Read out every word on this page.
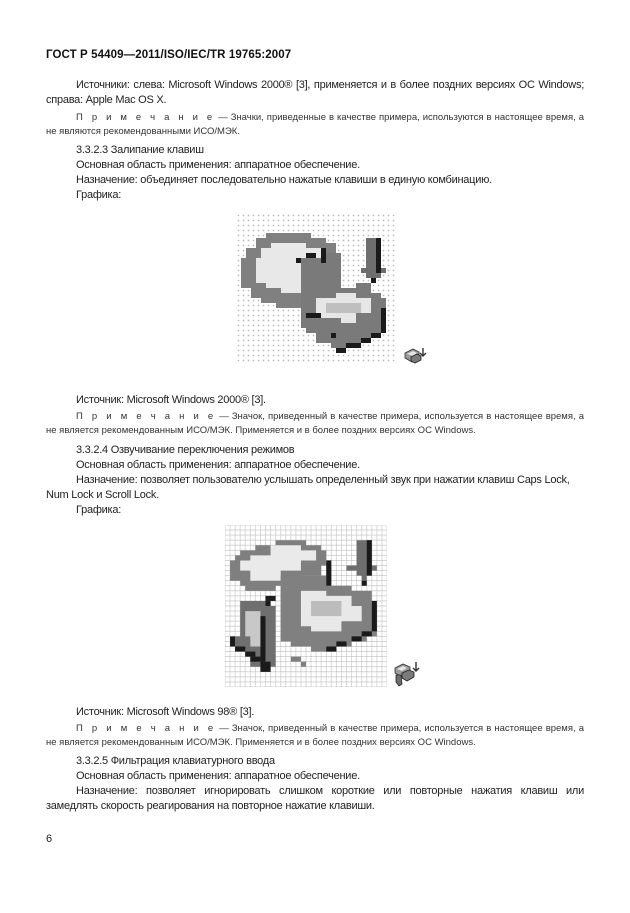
ГОСТ Р 54409—2011/ISO/IEC/TR 19765:2007
Источники: слева: Microsoft Windows 2000® [3], применяется и в более поздних версиях ОС Windows; справа: Apple Mac OS X.
П р и м е ч а н и е — Значки, приведенные в качестве примера, используются в настоящее время, а не являются рекомендованными ИСО/МЭК.
3.3.2.3 Залипание клавиш
Основная область применения: аппаратное обеспечение.
Назначение: объединяет последовательно нажатые клавиши в единую комбинацию.
Графика:
Источник: Microsoft Windows 2000® [3].
П р и м е ч а н и е — Значок, приведенный в качестве примера, используется в настоящее время, а не является рекомендованным ИСО/МЭК. Применяется и в более поздних версиях ОС Windows.
3.3.2.4 Озвучивание переключения режимов
Основная область применения: аппаратное обеспечение.
Назначение: позволяет пользователю услышать определенный звук при нажатии клавиш Caps Lock, Num Lock и Scroll Lock.
Графика:
Источник: Microsoft Windows 98® [3].
П р и м е ч а н и е — Значок, приведенный в качестве примера, используется в настоящее время, а не является рекомендованным ИСО/МЭК. Применяется и в более поздних версиях ОС Windows.
3.3.2.5 Фильтрация клавиатурного ввода
Основная область применения: аппаратное обеспечение.
Назначение: позволяет игнорировать слишком короткие или повторные нажатия клавиш или замедлять скорость реагирования на повторное нажатие клавиши.
6
